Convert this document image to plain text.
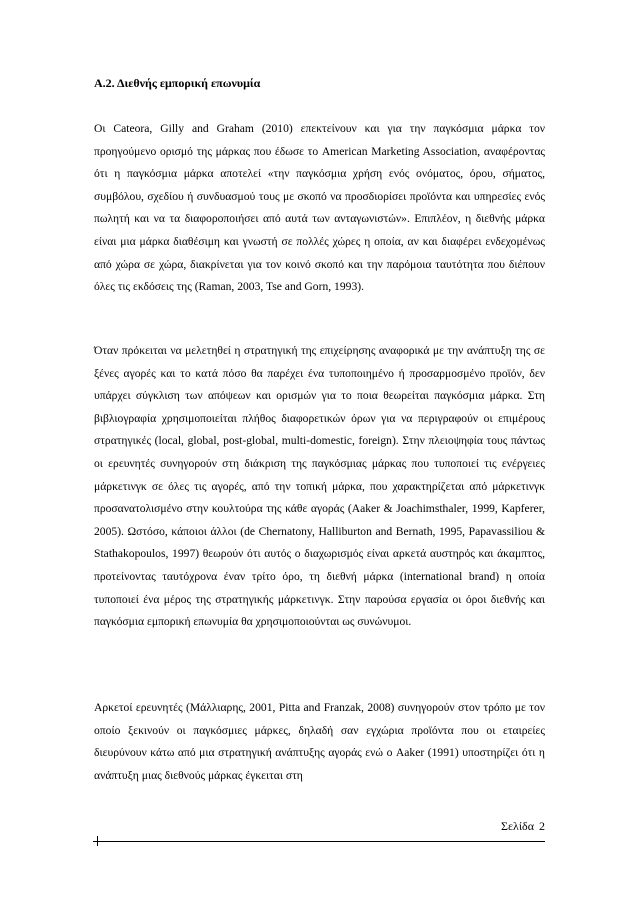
Α.2. Διεθνής εμπορική επωνυμία

Οι Cateora, Gilly and Graham (2010) επεκτείνουν και για την παγκόσμια μάρκα τον προηγούμενο ορισμό της μάρκας που έδωσε το American Marketing Association, αναφέροντας ότι η παγκόσμια μάρκα αποτελεί «την παγκόσμια χρήση ενός ονόματος, όρου, σήματος, συμβόλου, σχεδίου ή συνδυασμού τους με σκοπό να προσδιορίσει προϊόντα και υπηρεσίες ενός πωλητή και να τα διαφοροποιήσει από αυτά των ανταγωνιστών». Επιπλέον, η διεθνής μάρκα είναι μια μάρκα διαθέσιμη και γνωστή σε πολλές χώρες η οποία, αν και διαφέρει ενδεχομένως από χώρα σε χώρα, διακρίνεται για τον κοινό σκοπό και την παρόμοια ταυτότητα που διέπουν όλες τις εκδόσεις της (Raman, 2003, Tse and Gorn, 1993).

Όταν πρόκειται να μελετηθεί η στρατηγική της επιχείρησης αναφορικά με την ανάπτυξη της σε ξένες αγορές και το κατά πόσο θα παρέχει ένα τυποποιημένο ή προσαρμοσμένο προϊόν, δεν υπάρχει σύγκλιση των απόψεων και ορισμών για το ποια θεωρείται παγκόσμια μάρκα. Στη βιβλιογραφία χρησιμοποιείται πλήθος διαφορετικών όρων για να περιγραφούν οι επιμέρους στρατηγικές (local, global, post-global, multi-domestic, foreign). Στην πλειοψηφία τους πάντως οι ερευνητές συνηγορούν στη διάκριση της παγκόσμιας μάρκας που τυποποιεί τις ενέργειες μάρκετινγκ σε όλες τις αγορές, από την τοπική μάρκα, που χαρακτηρίζεται από μάρκετινγκ προσανατολισμένο στην κουλτούρα της κάθε αγοράς (Aaker & Joachimsthaler, 1999, Kapferer, 2005). Ωστόσο, κάποιοι άλλοι (de Chernatony, Halliburton and Bernath, 1995, Papavassiliou & Stathakopoulos, 1997) θεωρούν ότι αυτός ο διαχωρισμός είναι αρκετά αυστηρός και άκαμπτος, προτείνοντας ταυτόχρονα έναν τρίτο όρο, τη διεθνή μάρκα (international brand) η οποία τυποποιεί ένα μέρος της στρατηγικής μάρκετινγκ. Στην παρούσα εργασία οι όροι διεθνής και παγκόσμια εμπορική επωνυμία θα χρησιμοποιούνται ως συνώνυμοι.

Αρκετοί ερευνητές (Μάλλιαρης, 2001, Pitta and Franzak, 2008) συνηγορούν στον τρόπο με τον οποίο ξεκινούν οι παγκόσμιες μάρκες, δηλαδή σαν εγχώρια προϊόντα που οι εταιρείες διευρύνουν κάτω από μια στρατηγική ανάπτυξης αγοράς ενώ ο Aaker (1991) υποστηρίζει ότι η ανάπτυξη μιας διεθνούς μάρκας έγκειται στη

Σελίδα 2
